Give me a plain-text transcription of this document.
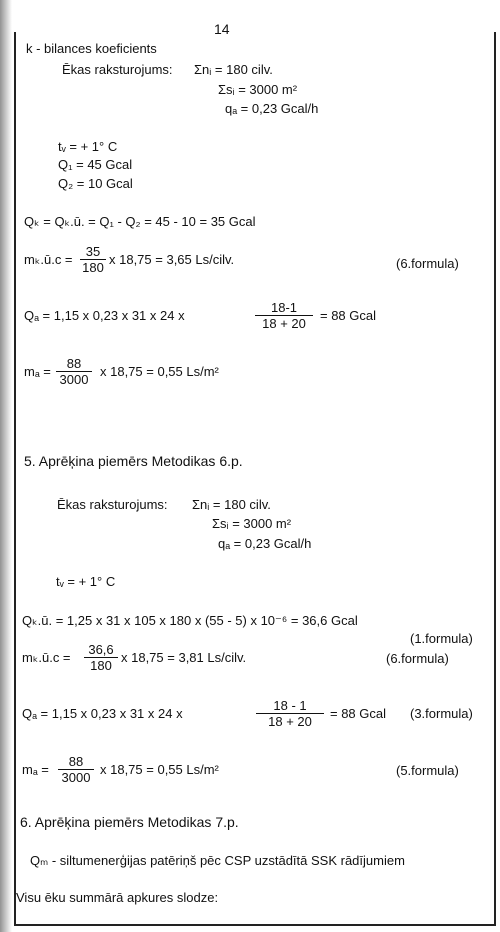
14
k - bilances koeficients
Ēkas raksturojums: Σnᵢ = 180 cilv.
Σsᵢ = 3000 m²
qₐ = 0,23 Gcal/h
tᵥ = + 1° C
Q₁ = 45 Gcal
Q₂ = 10 Gcal
Qₖ = Qₖ.ū. = Q₁ - Q₂ = 45 - 10 = 35 Gcal
mₖ.ū.c = $\frac{35}{180}$ x 18,75 = 3,65 Ls/cilv.	(6.formula)
Qₐ = 1,15 x 0,23 x 31 x 24 x	$\frac{18-1}{18 + 20} = 88$ Gcal
$m_a = \frac{88}{3000}$ x 18,75 = 0,55 Ls/m²
5. Aprēķina piemērs Metodikas 6.p.
Ēkas raksturojums: Σnᵢ = 180 cilv.
Σsᵢ = 3000 m²
qₐ = 0,23 Gcal/h
tᵥ = + 1° C
Qₖ.ū. = 1,25 x 31 x 105 x 180 x (55 - 5) x 10⁻⁶ = 36,6 Gcal
(1.formula)
mₖ.ū.c = $\frac{36,6}{180}$ x 18,75 = 3,81 Ls/cilv.	(6.formula)
Qₐ = 1,15 x 0,23 x 31 x 24 x	$\frac{18 - 1}{18 + 20} = 88$ Gcal (3.formula)
$m_a = \frac{88}{3000}$ x 18,75 = 0,55 Ls/m²	(5.formula)
6. Aprēķina piemērs Metodikas 7.p.
Qₘ - siltumenerģijas patēriņš pēc CSP uzstādītā SSK rādījumiem
Visu ēku summārā apkures slodze:
